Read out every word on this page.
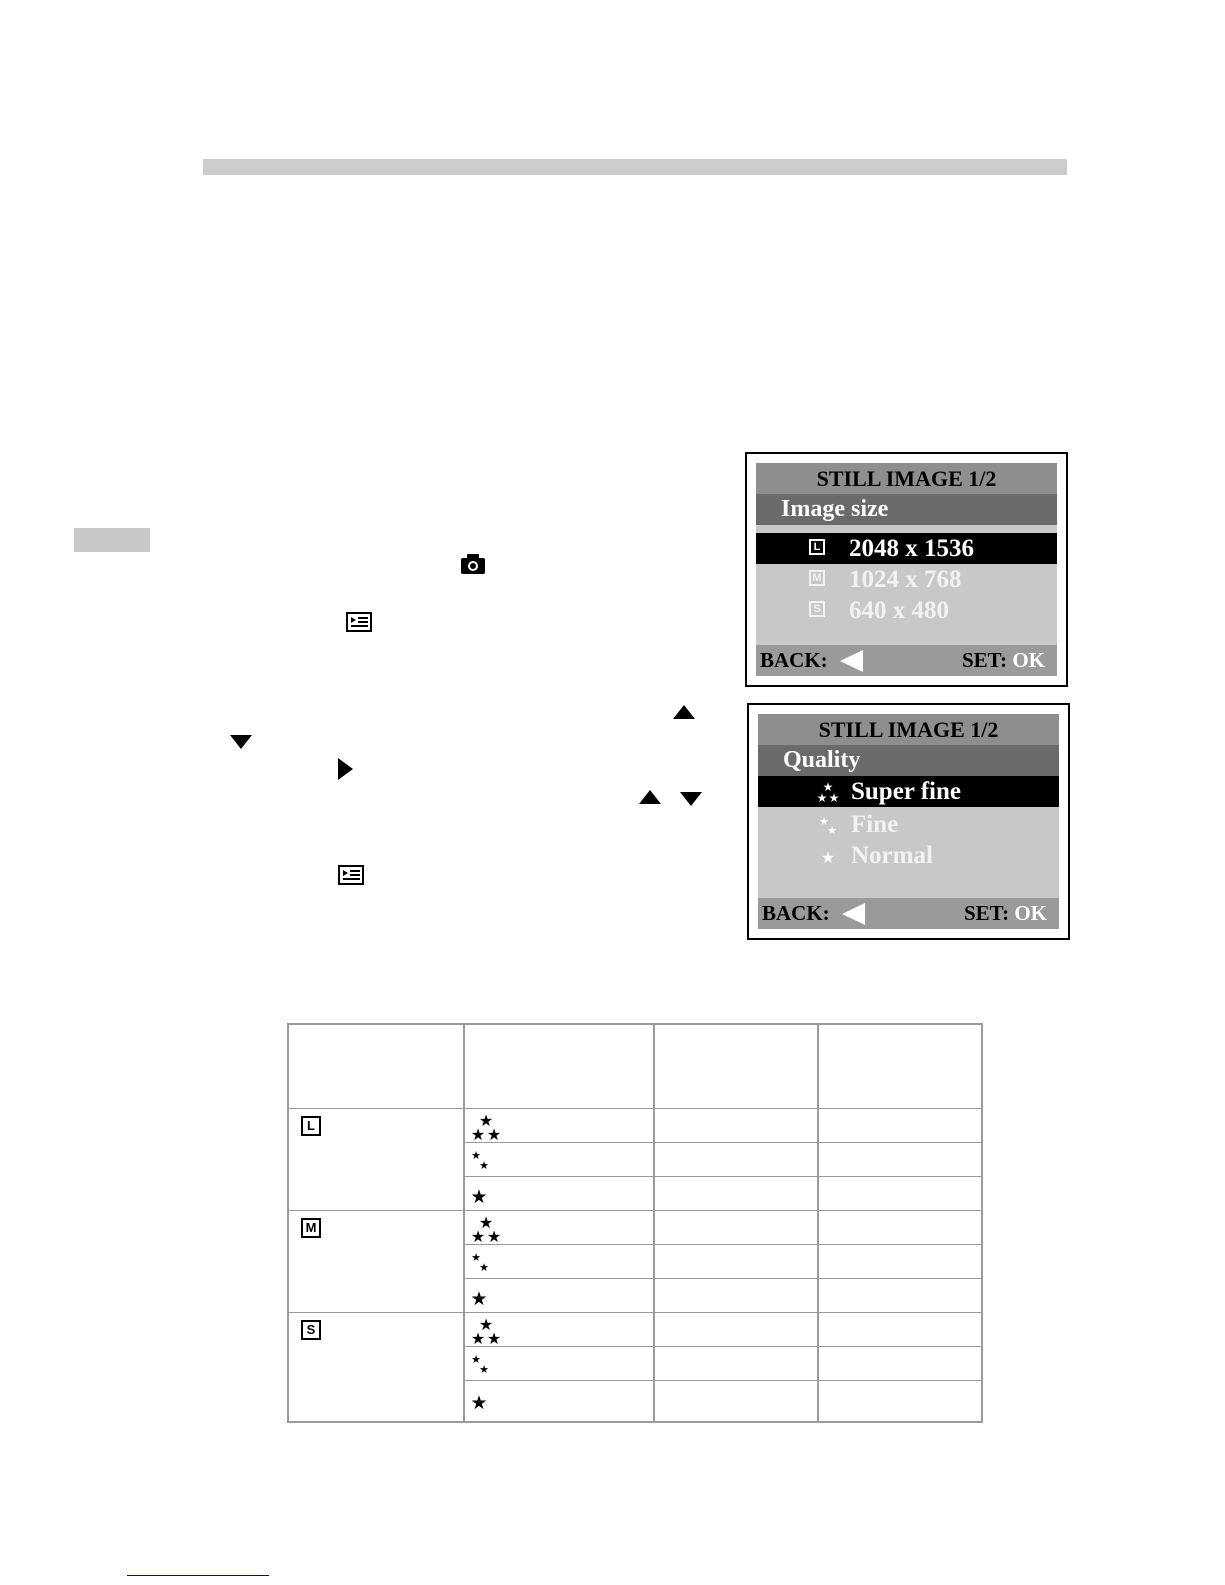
STILL IMAGE 1/2
Image size
L 2048 x 1536
M 1024 x 768
S 640 x 480
BACK:	SET: OK
STILL IMAGE 1/2
Quality
★
★ ★ Super fine
★
★ Fine
★ Normal
BACK:	SET: OK
L
M
S
★
★ ★
★
★
★
★
★ ★
★
★
★
★
★ ★
★
★
★
